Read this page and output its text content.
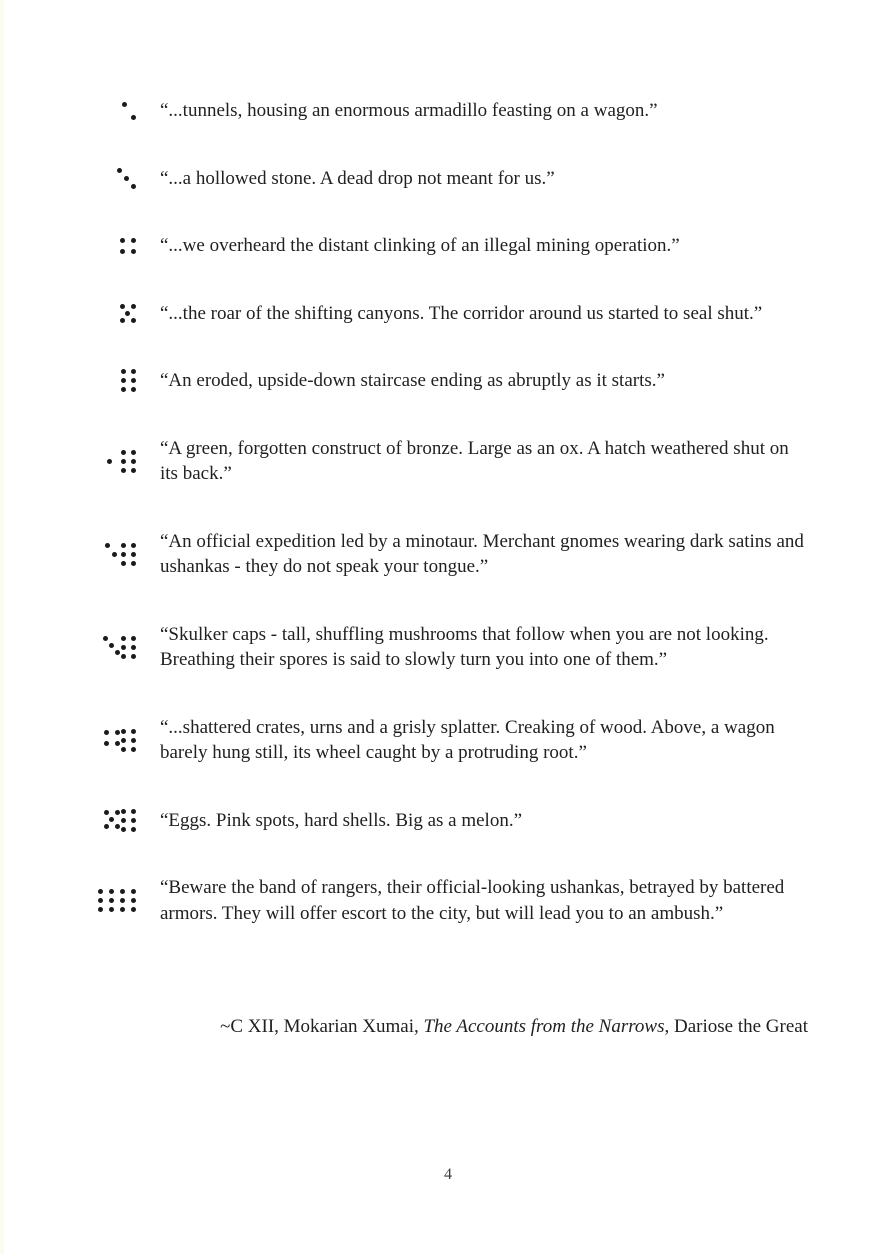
“...tunnels, housing an enormous armadillo feasting on a wagon.”
“...a hollowed stone. A dead drop not meant for us.”
“...we overheard the distant clinking of an illegal mining operation.”
“...the roar of the shifting canyons. The corridor around us started to seal shut.”
“An eroded, upside-down staircase ending as abruptly as it starts.”
“A green, forgotten construct of bronze. Large as an ox. A hatch weathered shut on its back.”
“An official expedition led by a minotaur. Merchant gnomes wearing dark satins and ushankas - they do not speak your tongue.”
“Skulker caps - tall, shuffling mushrooms that follow when you are not looking. Breathing their spores is said to slowly turn you into one of them.”
“...shattered crates, urns and a grisly splatter. Creaking of wood. Above, a wagon barely hung still, its wheel caught by a protruding root.”
“Eggs. Pink spots, hard shells. Big as a melon.”
“Beware the band of rangers, their official-looking ushankas, betrayed by battered armors. They will offer escort to the city, but will lead you to an ambush.”
~C XII, Mokarian Xumai, The Accounts from the Narrows, Dariose the Great
4
